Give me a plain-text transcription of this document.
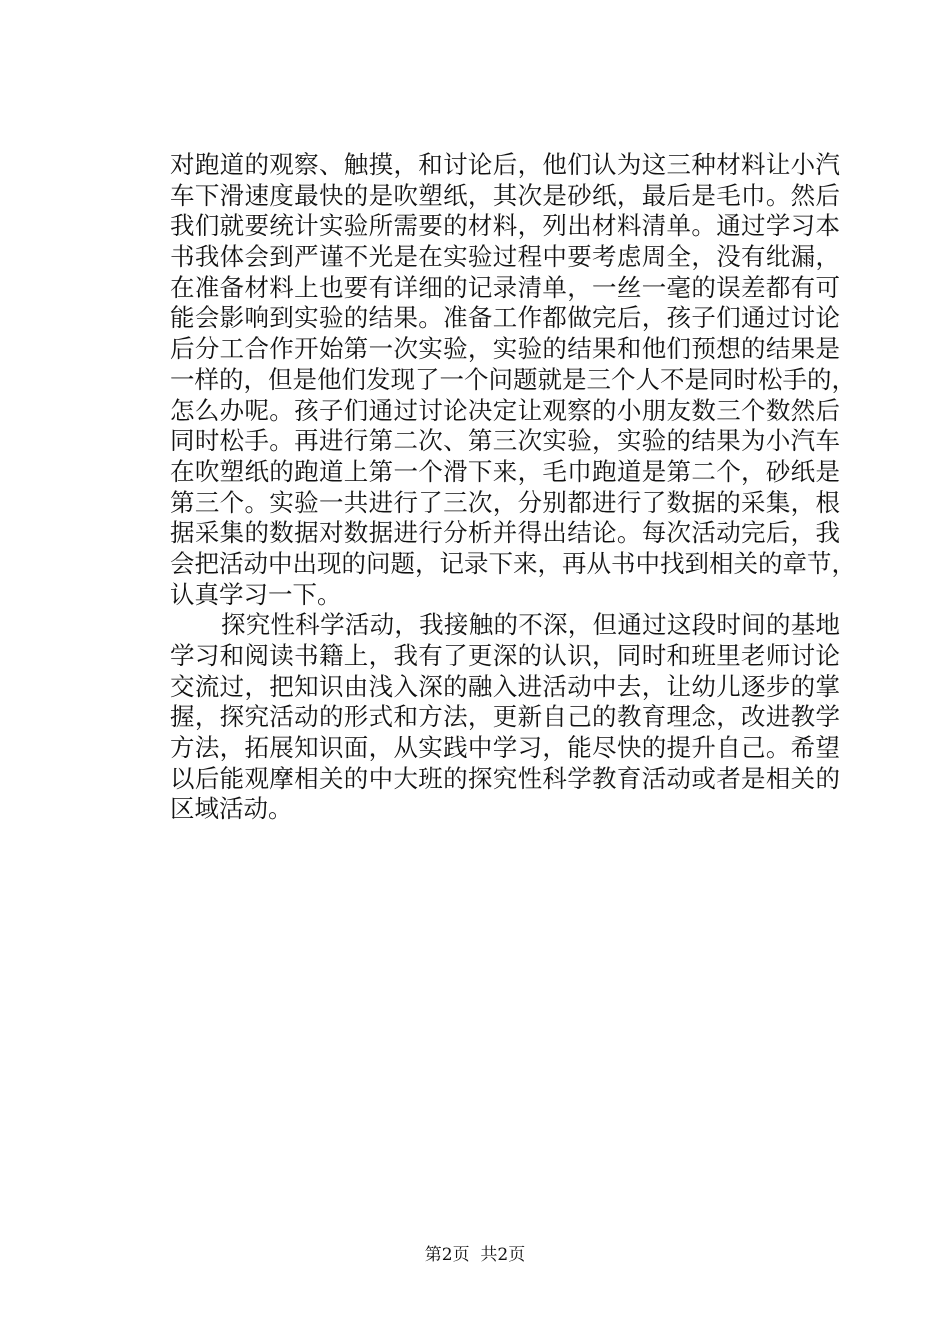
对跑道的观察、触摸，和讨论后，他们认为这三种材料让小汽
车下滑速度最快的是吹塑纸，其次是砂纸，最后是毛巾。然后
我们就要统计实验所需要的材料，列出材料清单。通过学习本
书我体会到严谨不光是在实验过程中要考虑周全，没有纰漏，
在准备材料上也要有详细的记录清单，一丝一毫的误差都有可
能会影响到实验的结果。准备工作都做完后，孩子们通过讨论
后分工合作开始第一次实验，实验的结果和他们预想的结果是
一样的，但是他们发现了一个问题就是三个人不是同时松手的，
怎么办呢。孩子们通过讨论决定让观察的小朋友数三个数然后
同时松手。再进行第二次、第三次实验，实验的结果为小汽车
在吹塑纸的跑道上第一个滑下来，毛巾跑道是第二个，砂纸是
第三个。实验一共进行了三次，分别都进行了数据的采集，根
据采集的数据对数据进行分析并得出结论。每次活动完后，我
会把活动中出现的问题，记录下来，再从书中找到相关的章节，
认真学习一下。
探究性科学活动，我接触的不深，但通过这段时间的基地
学习和阅读书籍上，我有了更深的认识，同时和班里老师讨论
交流过，把知识由浅入深的融入进活动中去，让幼儿逐步的掌
握，探究活动的形式和方法，更新自己的教育理念，改进教学
方法，拓展知识面，从实践中学习，能尽快的提升自己。希望
以后能观摩相关的中大班的探究性科学教育活动或者是相关的
区域活动。
第2页  共2页
